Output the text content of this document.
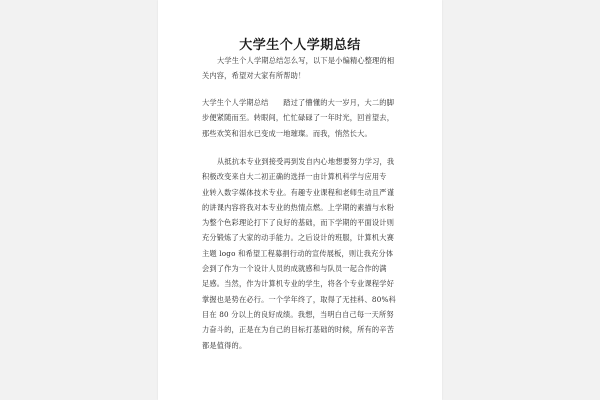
大学生个人学期总结
大学生个人学期总结怎么写，以下是小编精心整理的相
关内容，希望对大家有所帮助！
大学生个人学期总结　　踏过了懵懂的大一岁月，大二的脚
步便紧随而至。转眼间，忙忙碌碌了一年时光，回首望去，
那些欢笑和泪水已变成一地璀璨。而我，悄然长大。
从抵抗本专业到接受再到发自内心地想要努力学习，我
积极改变来自大二初正确的选择一由计算机科学与应用专
业转入数字媒体技术专业。有趣专业课程和老师生动且严谨
的讲课内容将我对本专业的热情点燃。上学期的素描与水粉
为整个色彩理论打下了良好的基础，而下学期的平面设计则
充分锻炼了大家的动手能力。之后设计的班服，计算机大赛
主题 logo 和希望工程募捐行动的宣传展板，则让我充分体
会到了作为一个设计人员的成就感和与队员一起合作的满
足感。当然，作为计算机专业的学生，将各个专业课程学好
掌握也是势在必行。一个学年终了，取得了无挂科、80%科
目在 80 分以上的良好成绩。我想，当明白自己每一天所努
力奋斗的，正是在为自己的目标打基础的时候，所有的辛苦
都是值得的。
